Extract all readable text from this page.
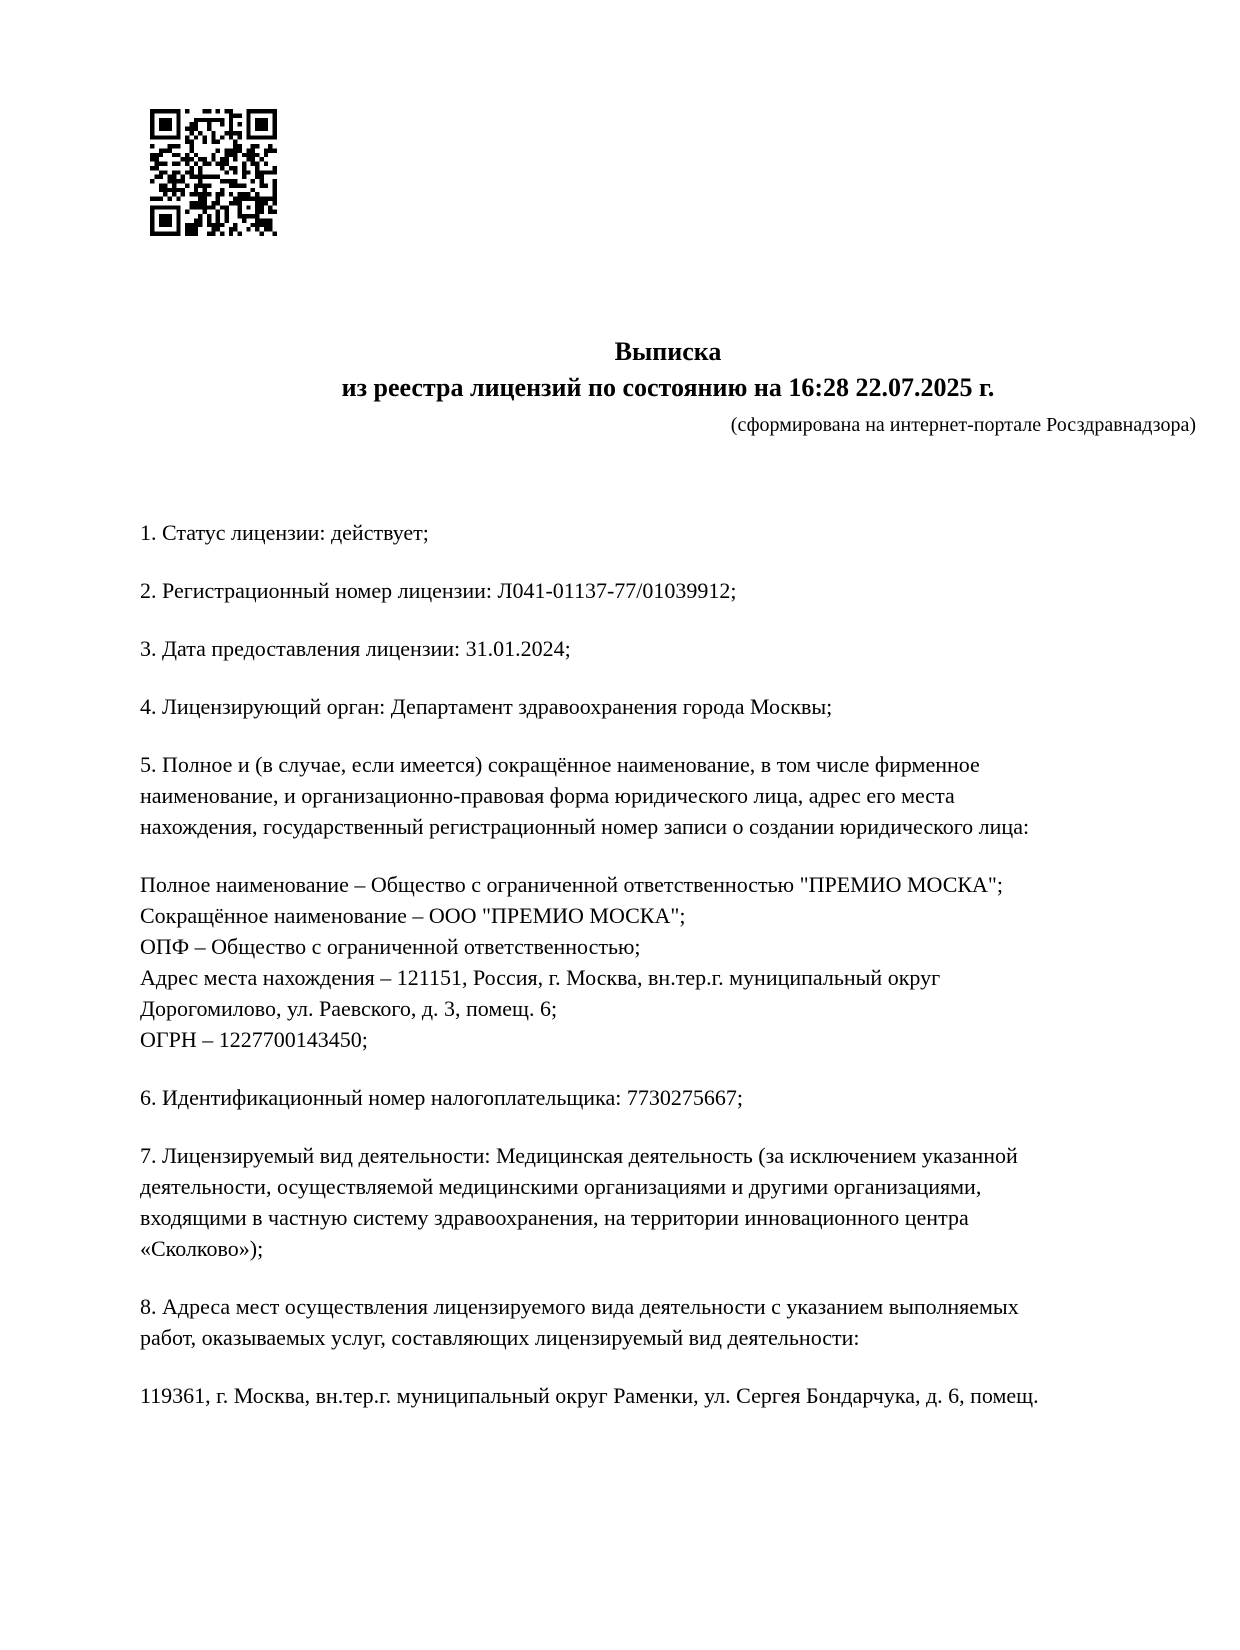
Выписка
из реестра лицензий по состоянию на 16:28 22.07.2025 г.
(сформирована на интернет-портале Росздравнадзора)

1. Статус лицензии: действует;

2. Регистрационный номер лицензии: Л041-01137-77/01039912;

3. Дата предоставления лицензии: 31.01.2024;

4. Лицензирующий орган: Департамент здравоохранения города Москвы;

5. Полное и (в случае, если имеется) сокращённое наименование, в том числе фирменное
наименование, и организационно-правовая форма юридического лица, адрес его места
нахождения, государственный регистрационный номер записи о создании юридического лица:

Полное наименование – Общество с ограниченной ответственностью "ПРЕМИО МОСКА";
Сокращённое наименование – ООО "ПРЕМИО МОСКА";
ОПФ – Общество с ограниченной ответственностью;
Адрес места нахождения – 121151, Россия, г. Москва, вн.тер.г. муниципальный округ
Дорогомилово, ул. Раевского, д. 3, помещ. 6;
ОГРН – 1227700143450;

6. Идентификационный номер налогоплательщика: 7730275667;

7. Лицензируемый вид деятельности: Медицинская деятельность (за исключением указанной
деятельности, осуществляемой медицинскими организациями и другими организациями,
входящими в частную систему здравоохранения, на территории инновационного центра
«Сколково»);

8. Адреса мест осуществления лицензируемого вида деятельности с указанием выполняемых
работ, оказываемых услуг, составляющих лицензируемый вид деятельности:

119361, г. Москва, вн.тер.г. муниципальный округ Раменки, ул. Сергея Бондарчука, д. 6, помещ.
